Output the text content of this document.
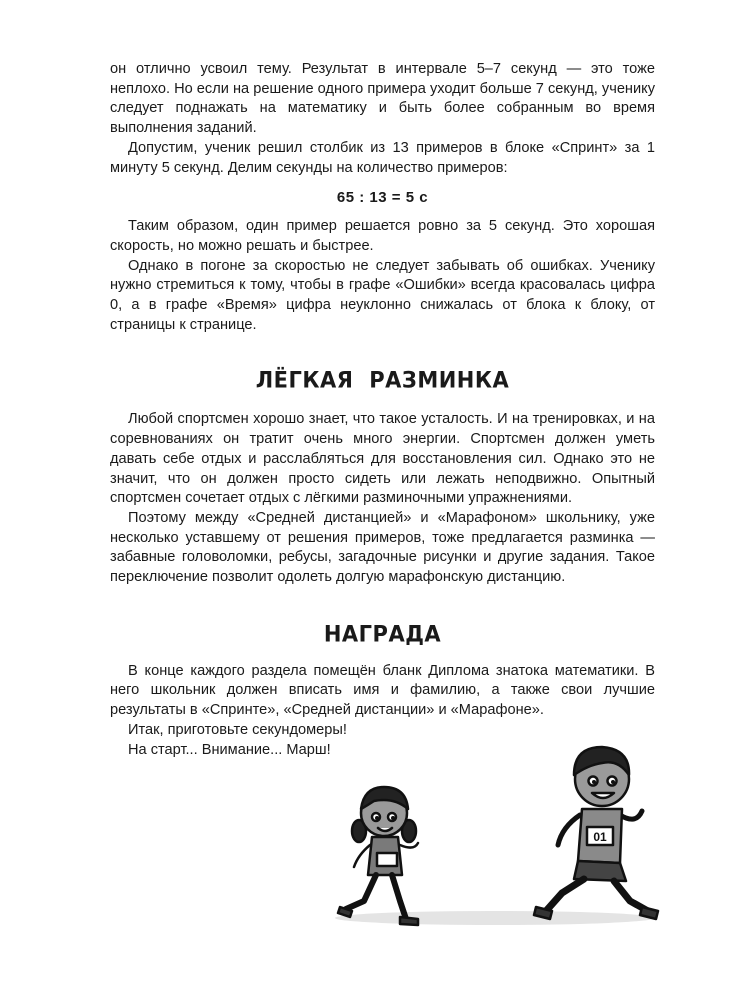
он отлично усвоил тему. Результат в интервале 5–7 секунд — это тоже неплохо. Но если на решение одного примера уходит больше 7 секунд, ученику следует поднажать на математику и быть более собранным во время выполнения заданий.

Допустим, ученик решил столбик из 13 примеров в блоке «Спринт» за 1 минуту 5 секунд. Делим секунды на количество примеров:

65 : 13 = 5 с

Таким образом, один пример решается ровно за 5 секунд. Это хорошая скорость, но можно решать и быстрее.

Однако в погоне за скоростью не следует забывать об ошибках. Ученику нужно стремиться к тому, чтобы в графе «Ошибки» всегда красовалась цифра 0, а в графе «Время» цифра неуклонно снижалась от блока к блоку, от страницы к странице.

ЛЁГКАЯ РАЗМИНКА

Любой спортсмен хорошо знает, что такое усталость. И на тренировках, и на соревнованиях он тратит очень много энергии. Спортсмен должен уметь давать себе отдых и расслабляться для восстановления сил. Однако это не значит, что он должен просто сидеть или лежать неподвижно. Опытный спортсмен сочетает отдых с лёгкими разминочными упражнениями.

Поэтому между «Средней дистанцией» и «Марафоном» школьнику, уже несколько уставшему от решения примеров, тоже предлагается разминка — забавные головоломки, ребусы, загадочные рисунки и другие задания. Такое переключение позволит одолеть долгую марафонскую дистанцию.

НАГРАДА

В конце каждого раздела помещён бланк Диплома знатока математики. В него школьник должен вписать имя и фамилию, а также свои лучшие результаты в «Спринте», «Средней дистанции» и «Марафоне».

Итак, приготовьте секундомеры!

На старт... Внимание... Марш!

01
